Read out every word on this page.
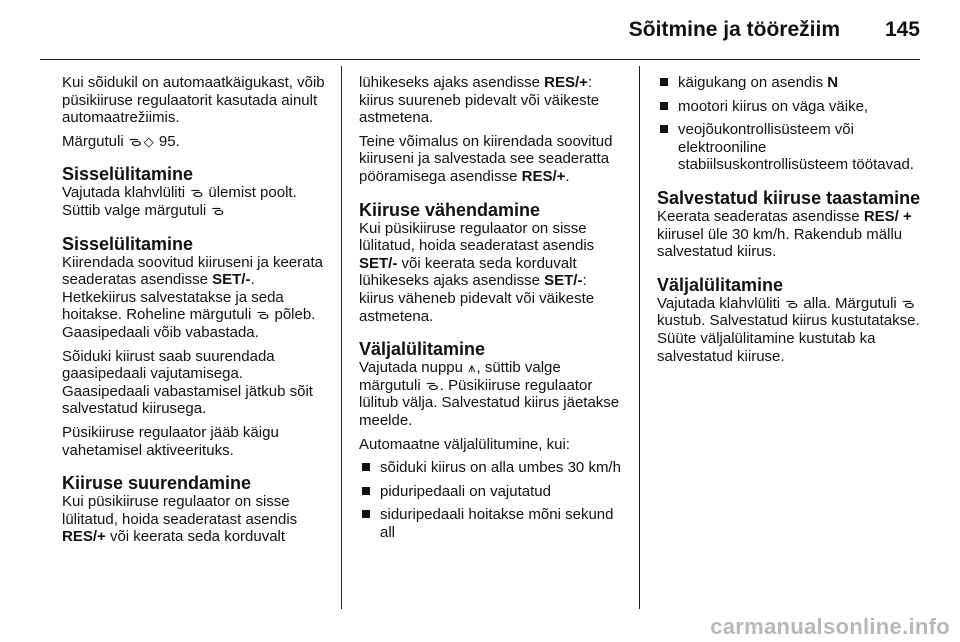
Sõitmine ja töörežiim 145

Kui sõidukil on automaatkäigukast, võib püsikiiruse regulaatorit kasutada ainult automaatrežiimis.

Märgutuli ᯉ ◇ 95.

Sisselülitamine

Vajutada klahvlüliti ᯉ ülemist poolt. Süttib valge märgutuli ᯉ

Sisselülitamine

Kiirendada soovitud kiiruseni ja keerata seaderatas asendisse SET/-. Hetkekiirus salvestatakse ja seda hoitakse. Roheline märgutuli ᯉ põleb. Gaasipedaali võib vabastada.

Sõiduki kiirust saab suurendada gaasipedaali vajutamisega. Gaasipedaali vabastamisel jätkub sõit salvestatud kiirusega.

Püsikiiruse regulaator jääb käigu vahetamisel aktiveerituks.

Kiiruse suurendamine

Kui püsikiiruse regulaator on sisse lülitatud, hoida seaderatast asendis RES/+ või keerata seda korduvalt

lühikeseks ajaks asendisse RES/+: kiirus suureneb pidevalt või väikeste astmetena.

Teine võimalus on kiirendada soovitud kiiruseni ja salvestada see seaderatta pööramisega asendisse RES/+.

Kiiruse vähendamine

Kui püsikiiruse regulaator on sisse lülitatud, hoida seaderatast asendis SET/- või keerata seda korduvalt lühikeseks ajaks asendisse SET/-: kiirus väheneb pidevalt või väikeste astmetena.

Väljalülitamine

Vajutada nuppu ⩚, süttib valge märgutuli ᯉ. Püsikiiruse regulaator lülitub välja. Salvestatud kiirus jäetakse meelde.

Automaatne väljalülitumine, kui:

sõiduki kiirus on alla umbes 30 km/h
piduripedaali on vajutatud
siduripedaali hoitakse mõni sekund all
käigukang on asendis N
mootori kiirus on väga väike,
veojõukontrollisüsteem või elektrooniline stabiilsuskontrollisüsteem töötavad.
Salvestatud kiiruse taastamine

Keerata seaderatas asendisse RES/ + kiirusel üle 30 km/h. Rakendub mällu salvestatud kiirus.

Väljalülitamine

Vajutada klahvlüliti ᯉ alla. Märgutuli ᯉ kustub. Salvestatud kiirus kustutatakse. Süüte väljalülitamine kustutab ka salvestatud kiiruse.

carmanualsonline.info
